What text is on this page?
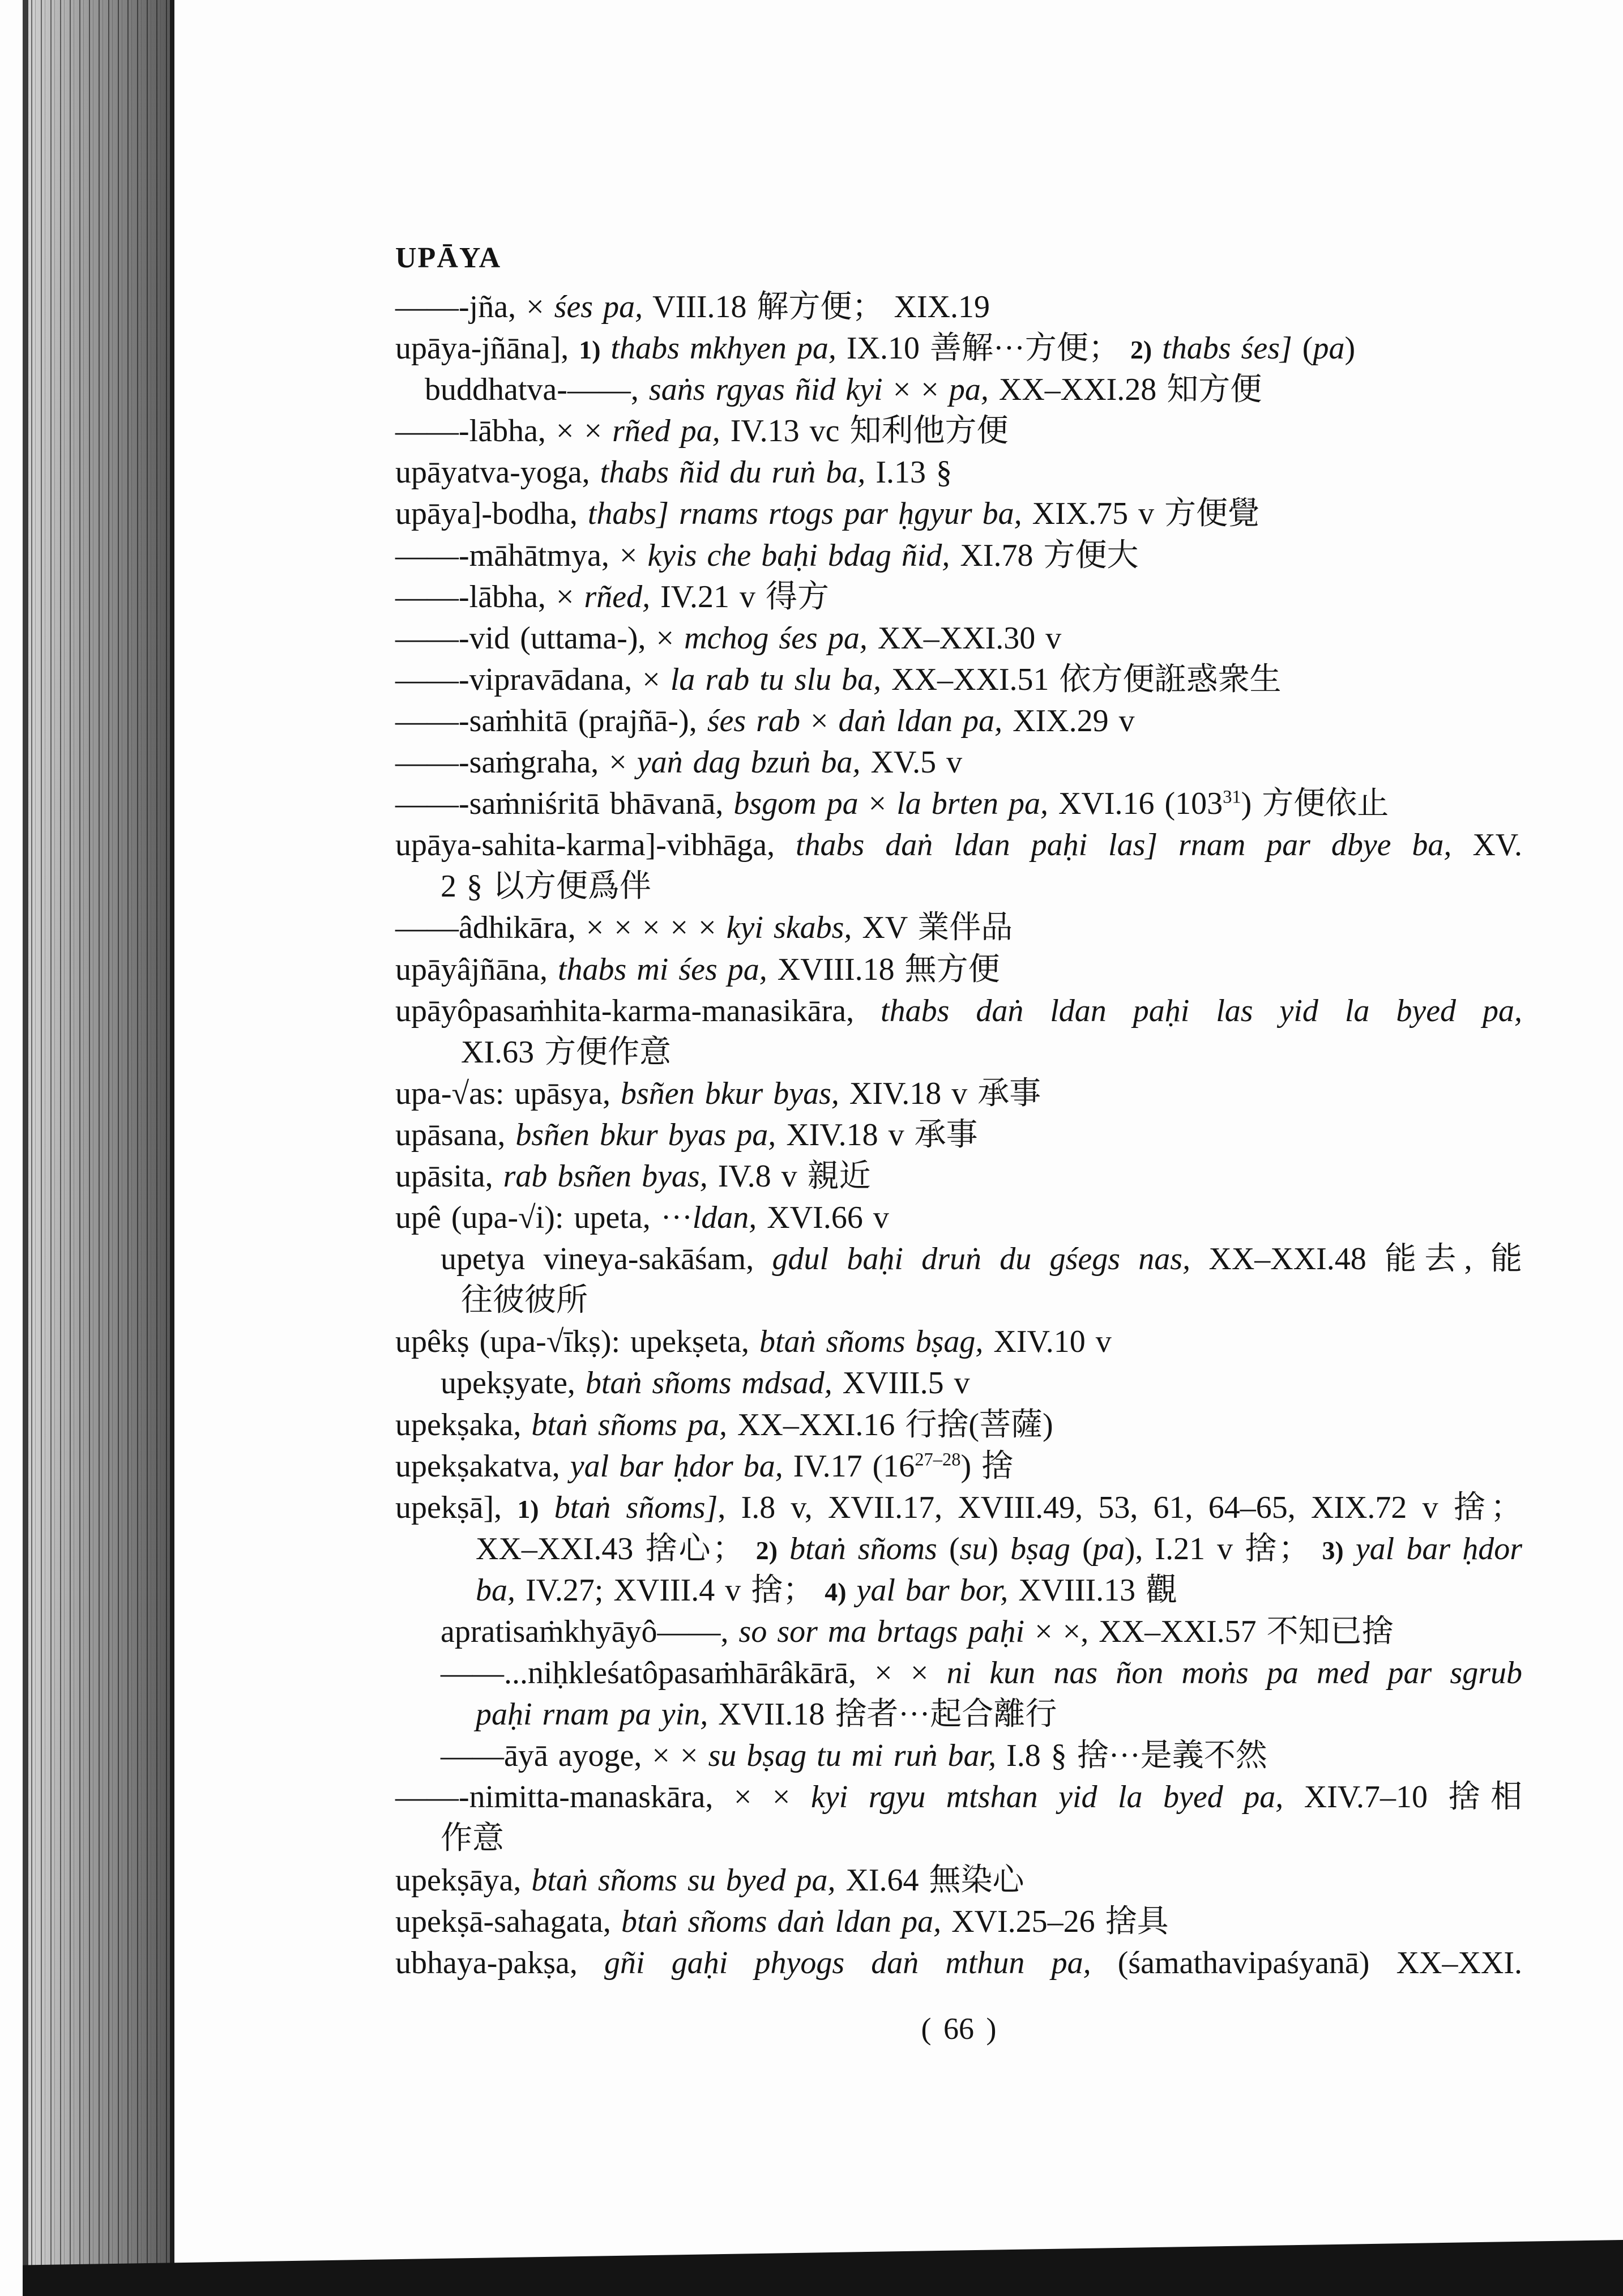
UPĀYA
——-jña, × śes pa, VIII.18 解方便； XIX.19
upāya-jñāna], 1) thabs mkhyen pa, IX.10 善解···方便； 2) thabs śes] (pa)
buddhatva-——, saṅs rgyas ñid kyi × × pa, XX–XXI.28 知方便
——-lābha, × × rñed pa, IV.13 vc 知利他方便
upāyatva-yoga, thabs ñid du ruṅ ba, I.13 §
upāya]-bodha, thabs] rnams rtogs par ḥgyur ba, XIX.75 v 方便覺
——-māhātmya, × kyis che baḥi bdag ñid, XI.78 方便大
——-lābha, × rñed, IV.21 v 得方
——-vid (uttama-), × mchog śes pa, XX–XXI.30 v
——-vipravādana, × la rab tu slu ba, XX–XXI.51 依方便誑惑衆生
——-saṁhitā (prajñā-), śes rab × daṅ ldan pa, XIX.29 v
——-saṁgraha, × yaṅ dag bzuṅ ba, XV.5 v
——-saṁniśritā bhāvanā, bsgom pa × la brten pa, XVI.16 $(103^{31})$ 方便依止
upāya-sahita-karma]-vibhāga, thabs daṅ ldan paḥi las] rnam par dbye ba, XV.
2 § 以方便爲伴
——âdhikāra, × × × × × kyi skabs, XV 業伴品
upāyâjñāna, thabs mi śes pa, XVIII.18 無方便
upāyôpasaṁhita-karma-manasikāra, thabs daṅ ldan paḥi las yid la byed pa,
XI.63 方便作意
upa-√as: upāsya, bsñen bkur byas, XIV.18 v 承事
upāsana, bsñen bkur byas pa, XIV.18 v 承事
upāsita, rab bsñen byas, IV.8 v 親近
upê (upa-√i): upeta, ···ldan, XVI.66 v
upetya vineya-sakāśam, gdul baḥi druṅ du gśegs nas, XX–XXI.48 能去, 能
往彼彼所
upêkṣ (upa-√īkṣ): upekṣeta, btaṅ sñoms bṣag, XIV.10 v
upekṣyate, btaṅ sñoms mdsad, XVIII.5 v
upekṣaka, btaṅ sñoms pa, XX–XXI.16 行捨(菩薩)
upekṣakatva, yal bar ḥdor ba, IV.17 (16$^{27-28}$) 捨
upekṣā], 1) btaṅ sñoms], I.8 v, XVII.17, XVIII.49, 53, 61, 64–65, XIX.72 v 捨；
XX–XXI.43 捨心； 2) btaṅ sñoms (su) bṣag (pa), I.21 v 捨； 3) yal bar ḥdor
ba, IV.27; XVIII.4 v 捨； 4) yal bar bor, XVIII.13 觀
apratisaṁkhyāyô——, so sor ma brtags paḥi × ×, XX–XXI.57 不知已捨
——...niḥkleśatôpasaṁhārâkārā, × × ni kun nas ñon moṅs pa med par sgrub
paḥi rnam pa yin, XVII.18 捨者···起合離行
——āyā ayoge, × × su bṣag tu mi ruṅ bar, I.8 § 捨···是義不然
——-nimitta-manaskāra, × × kyi rgyu mtshan yid la byed pa, XIV.7–10 捨相
作意
upekṣāya, btaṅ sñoms su byed pa, XI.64 無染心
upekṣā-sahagata, btaṅ sñoms daṅ ldan pa, XVI.25–26 捨具
ubhaya-pakṣa, gñi gaḥi phyogs daṅ mthun pa, (śamathavipaśyanā) XX–XXI.
( 66 )
